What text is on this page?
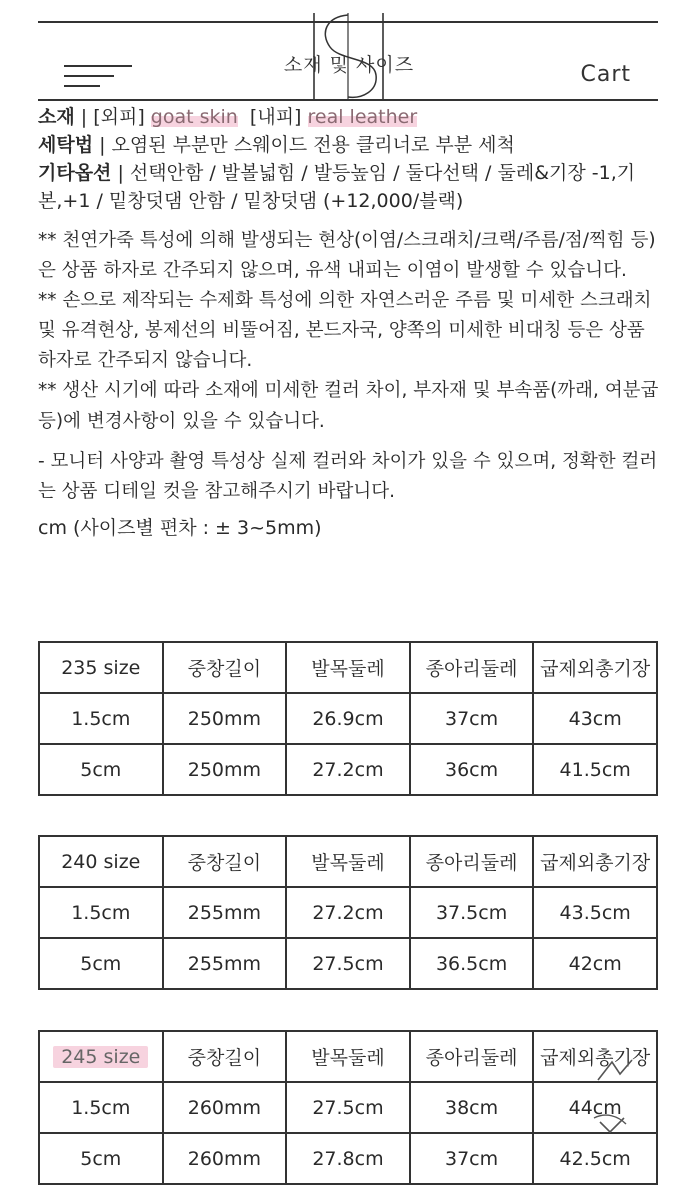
소재 및 사이즈	Cart

소재 | [외피] goat skin [내피] real leather

세탁법 | 오염된 부분만 스웨이드 전용 클리너로 부분 세척

기타옵션 | 선택안함 / 발볼넓힘 / 발등높임 / 둘다선택 / 둘레&기장 -1,기본,+1 / 밑창덧댐 안함 / 밑창덧댐 (+12,000/블랙)

** 천연가죽 특성에 의해 발생되는 현상(이염/스크래치/크랙/주름/점/찍힘 등)은 상품 하자로 간주되지 않으며, 유색 내피는 이염이 발생할 수 있습니다.

** 손으로 제작되는 수제화 특성에 의한 자연스러운 주름 및 미세한 스크래치 및 유격현상, 봉제선의 비뚤어짐, 본드자국, 양쪽의 미세한 비대칭 등은 상품 하자로 간주되지 않습니다.

** 생산 시기에 따라 소재에 미세한 컬러 차이, 부자재 및 부속품(까래, 여분굽 등)에 변경사항이 있을 수 있습니다.

- 모니터 사양과 촬영 특성상 실제 컬러와 차이가 있을 수 있으며, 정확한 컬러는 상품 디테일 컷을 참고해주시기 바랍니다.

cm (사이즈별 편차 : ± 3~5mm)

235 size	중창길이	발목둘레	종아리둘레	굽제외총기장
1.5cm	250mm	26.9cm	37cm	43cm
5cm	250mm	27.2cm	36cm	41.5cm
240 size	중창길이	발목둘레	종아리둘레	굽제외총기장
1.5cm	255mm	27.2cm	37.5cm	43.5cm
5cm	255mm	27.5cm	36.5cm	42cm
245 size	중창길이	발목둘레	종아리둘레	굽제외총기장
1.5cm	260mm	27.5cm	38cm	44cm
5cm	260mm	27.8cm	37cm	42.5cm
